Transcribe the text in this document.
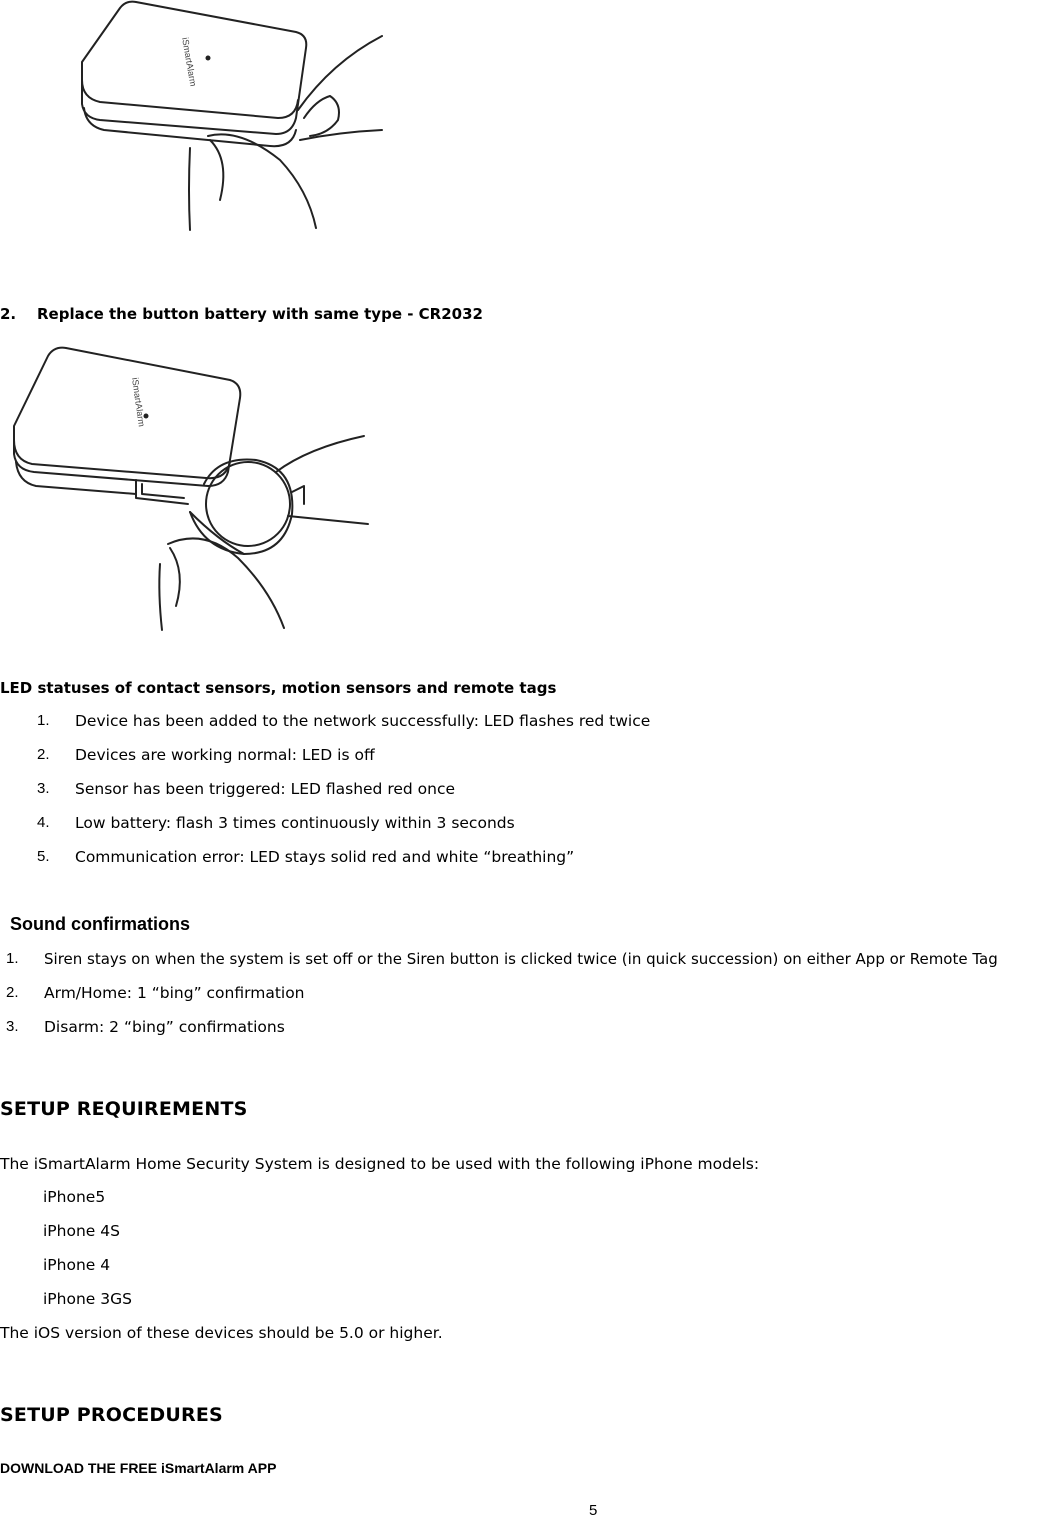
iSmartAlarm
2. Replace the button battery with same type - CR2032
iSmartAlarm
LED statuses of contact sensors, motion sensors and remote tags
1. Device has been added to the network successfully: LED flashes red twice
2. Devices are working normal: LED is off
3. Sensor has been triggered: LED flashed red once
4. Low battery: flash 3 times continuously within 3 seconds
5. Communication error: LED stays solid red and white “breathing”
Sound confirmations
1. Siren stays on when the system is set off or the Siren button is clicked twice (in quick succession) on either App or Remote Tag
2. Arm/Home: 1 “bing” confirmation
3. Disarm: 2 “bing” confirmations
SETUP REQUIREMENTS
The iSmartAlarm Home Security System is designed to be used with the following iPhone models:
iPhone5
iPhone 4S
iPhone 4
iPhone 3GS
The iOS version of these devices should be 5.0 or higher.
SETUP PROCEDURES
DOWNLOAD THE FREE iSmartAlarm APP
5
